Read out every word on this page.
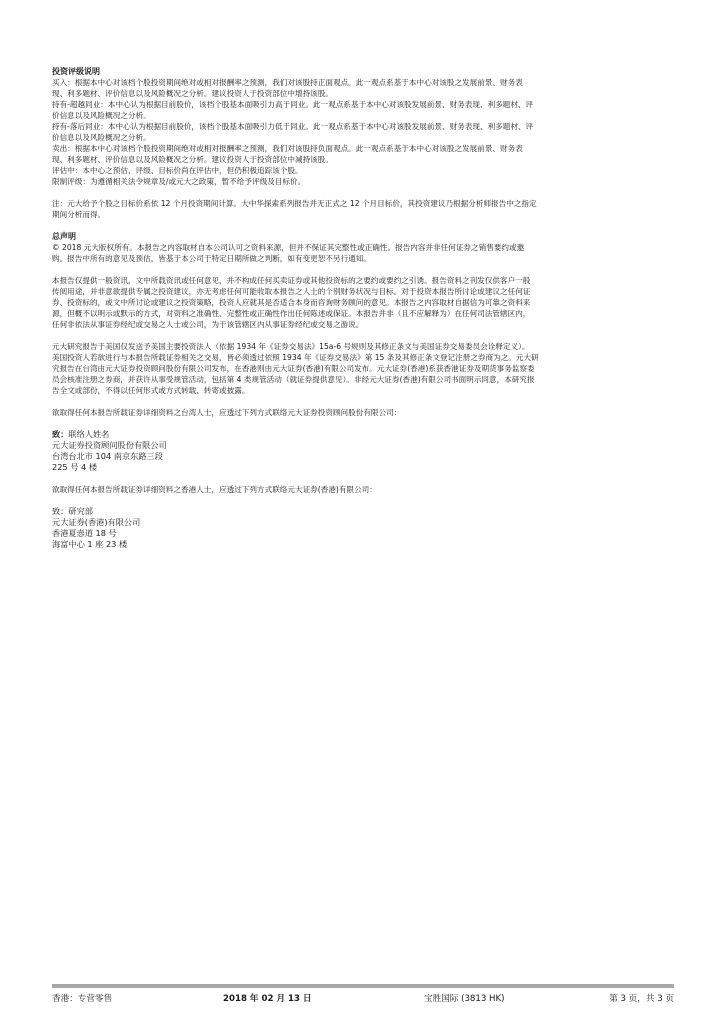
投资评级说明

买入：根据本中心对该档个股投资期间绝对或相对报酬率之预测，我们对该股持正面观点。此一观点系基于本中心对该股之发展前景、财务表

现、利多题材、评价信息以及风险概况之分析。建议投资人于投资部位中增持该股。

持有-超越同业：本中心认为根据目前股价，该档个股基本面吸引力高于同业。此一观点系基于本中心对该股发展前景、财务表现、利多题材、评

价信息以及风险概况之分析。

持有-落后同业：本中心认为根据目前股价，该档个股基本面吸引力低于同业。此一观点系基于本中心对该股发展前景、财务表现、利多题材、评

价信息以及风险概况之分析。

卖出：根据本中心对该档个股投资期间绝对或相对报酬率之预测，我们对该股持负面观点。此一观点系基于本中心对该股之发展前景、财务表

现、利多题材、评价信息以及风险概况之分析。建议投资人于投资部位中减持该股。

评估中：本中心之预估、评级、目标价尚在评估中，但仍积极追踪该个股。

限制评级：为遵循相关法令规章及/或元大之政策，暂不给予评级及目标价。

注：元大给予个股之目标价系依 12 个月投资期间计算。大中华探索系列报告并无正式之 12 个月目标价，其投资建议乃根据分析师报告中之指定

期间分析而得。

总声明

© 2018 元大版权所有。本报告之内容取材自本公司认可之资料来源，但并不保证其完整性或正确性。报告内容并非任何证券之销售要约或邀

购。报告中所有的意见及预估，皆基于本公司于特定日期所做之判断，如有变更恕不另行通知。

本报告仅提供一般资讯，文中所载资讯或任何意见，并不构成任何买卖证券或其他投资标的之要约或要约之引诱。报告资料之刊发仅供客户一般

传阅用途，并非意欲提供专属之投资建议，亦无考虑任何可能收取本报告之人士的个别财务状况与目标。对于投资本报告所讨论或建议之任何证

券、投资标的，或文中所讨论或建议之投资策略，投资人应就其是否适合本身而咨询财务顾问的意见。本报告之内容取材自据信为可靠之资料来

源，但概不以明示或默示的方式，对资料之准确性、完整性或正确性作出任何陈述或保证。本报告并非（且不应解释为）在任何司法管辖区内，

任何非依法从事证券经纪或交易之人士或公司，为于该管辖区内从事证券经纪或交易之游说。

元大研究报告于美国仅发送予美国主要投资法人（依据 1934 年《证券交易法》15a-6 号规则及其修正条文与美国证券交易委员会诠释定义）。

美国投资人若欲进行与本报告所载证券相关之交易，皆必须透过依照 1934 年《证券交易法》第 15 条及其修正条文登记注册之券商为之。元大研

究报告在台湾由元大证券投资顾问股份有限公司发布，在香港则由元大证券(香港)有限公司发布。元大证券(香港)系获香港证券及期货事务监察委

员会核准注册之券商，并获许从事受规管活动，包括第 4 类规管活动（就证券提供意见）。非经元大证券(香港)有限公司书面明示同意，本研究报

告全文或部份，不得以任何形式或方式转载、转寄或披露。

欲取得任何本报告所载证券详细资料之台湾人士，应透过下列方式联络元大证券投资顾问股份有限公司：

致：联络人姓名

元大证券投资顾问股份有限公司

台湾台北市 104 南京东路三段

225 号 4 楼

欲取得任何本报告所载证券详细资料之香港人士，应透过下列方式联络元大证券(香港)有限公司：

致：研究部

元大证券(香港)有限公司

香港夏悫道 18 号

海富中心 1 座 23 楼

香港：专营零售	2018 年 02 月 13 日	宝胜国际 (3813 HK)	第 3 页，共 3 页
